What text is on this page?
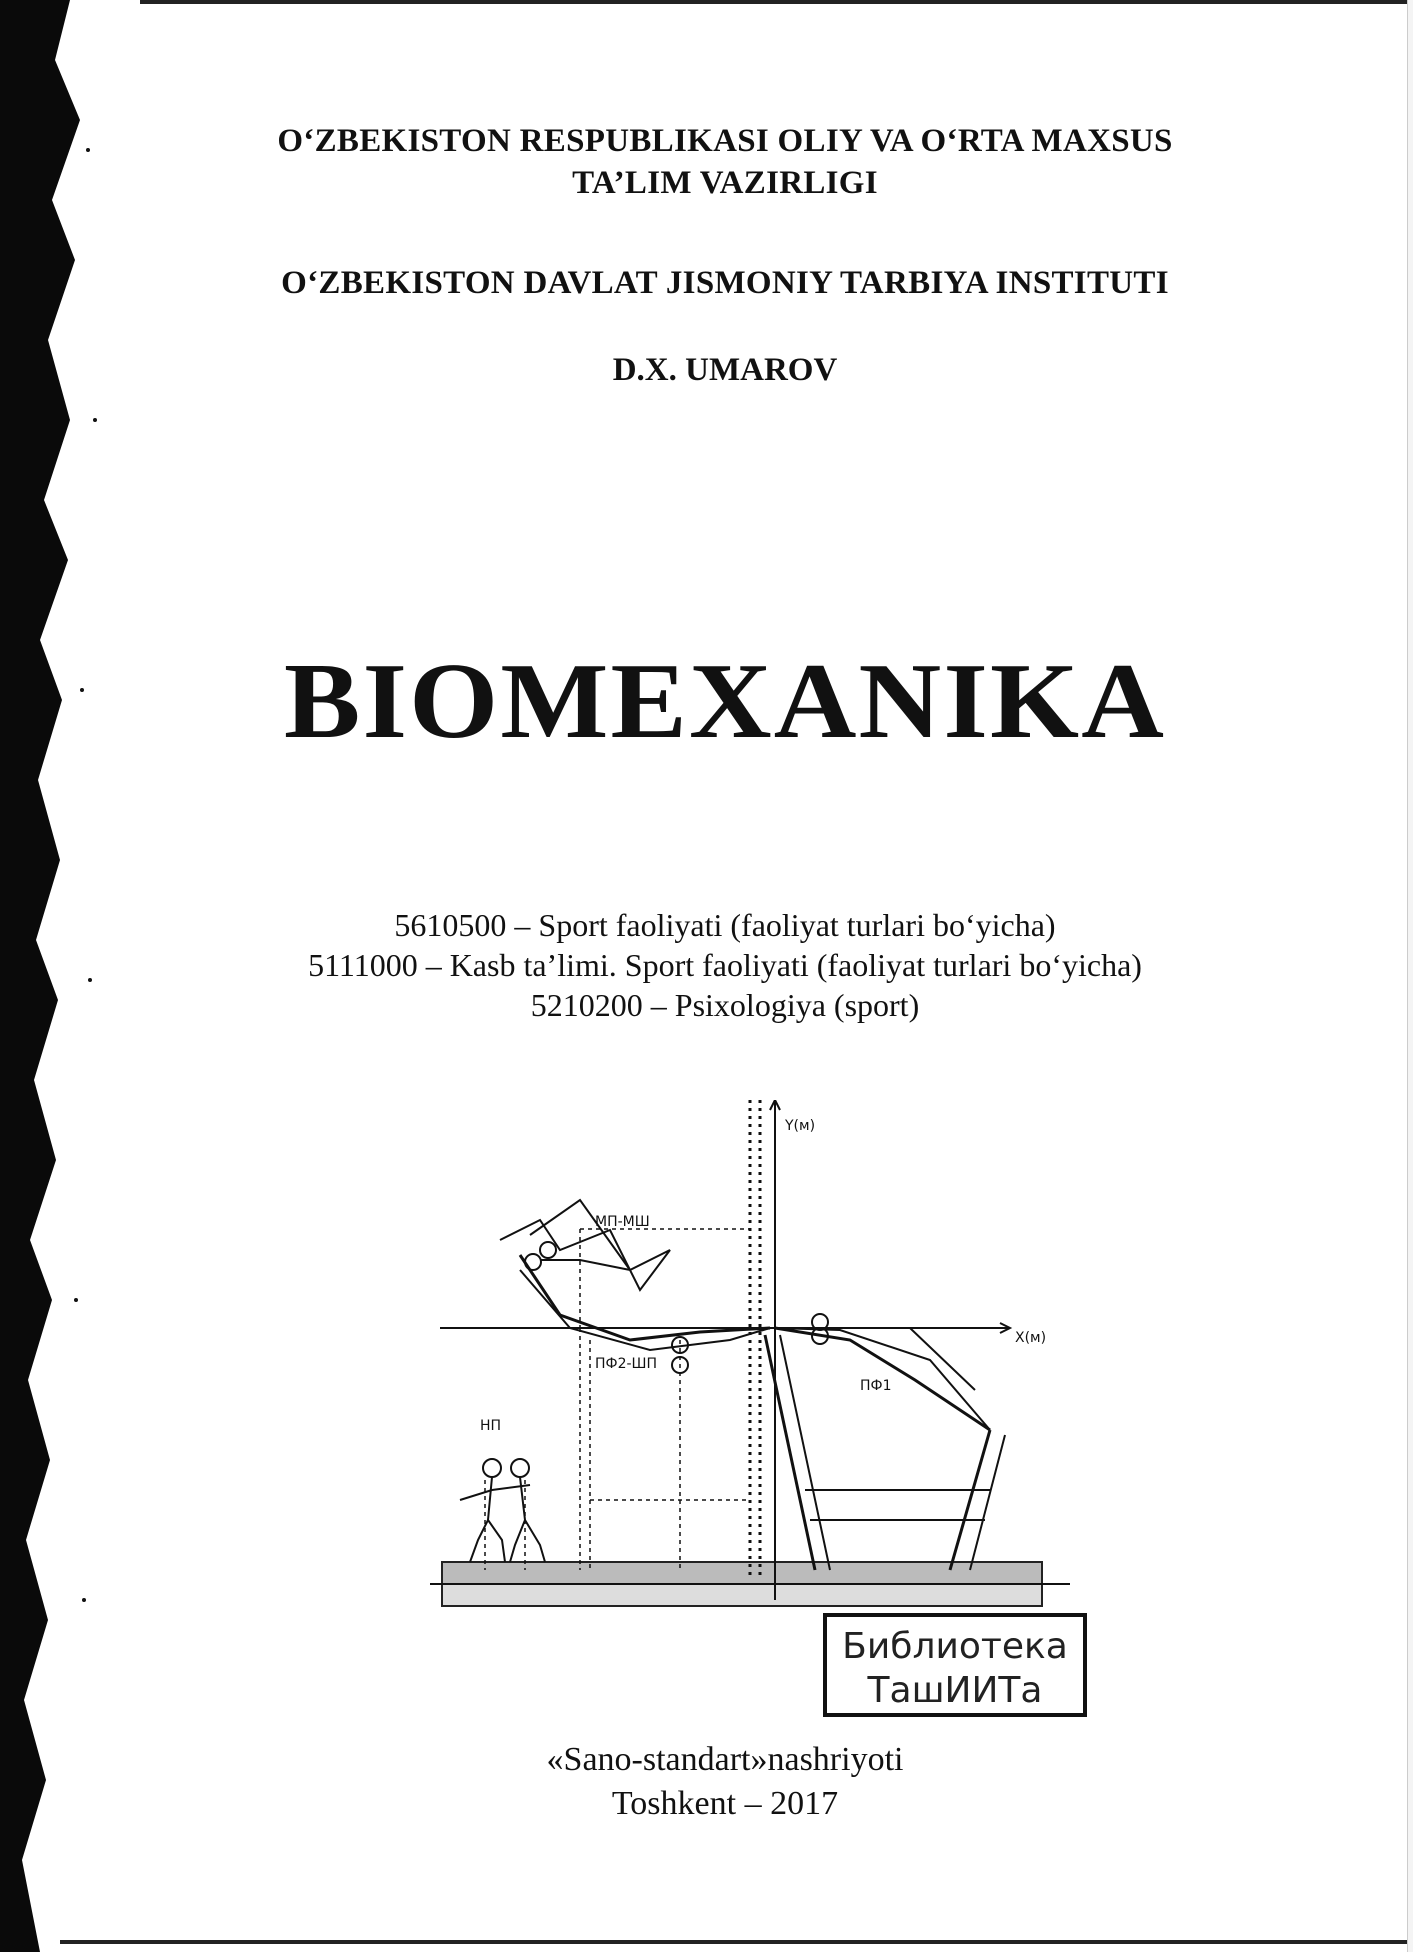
O‘ZBEKISTON RESPUBLIKASI OLIY VA O‘RTA MAXSUS
TA’LIM VAZIRLIGI
O‘ZBEKISTON DAVLAT JISMONIY TARBIYA INSTITUTI
D.X. UMAROV
BIOMEXANIKA
5610500 – Sport faoliyati (faoliyat turlari bo‘yicha)
5111000 – Kasb ta’limi. Sport faoliyati (faoliyat turlari bo‘yicha)
5210200 – Psixologiya (sport)
Y(м)
X(м)
МП-МШ
ПФ2-ШП
ПФ1
НП
Библиотека
ТашИИТа
«Sano-standart»nashriyoti
Toshkent – 2017
